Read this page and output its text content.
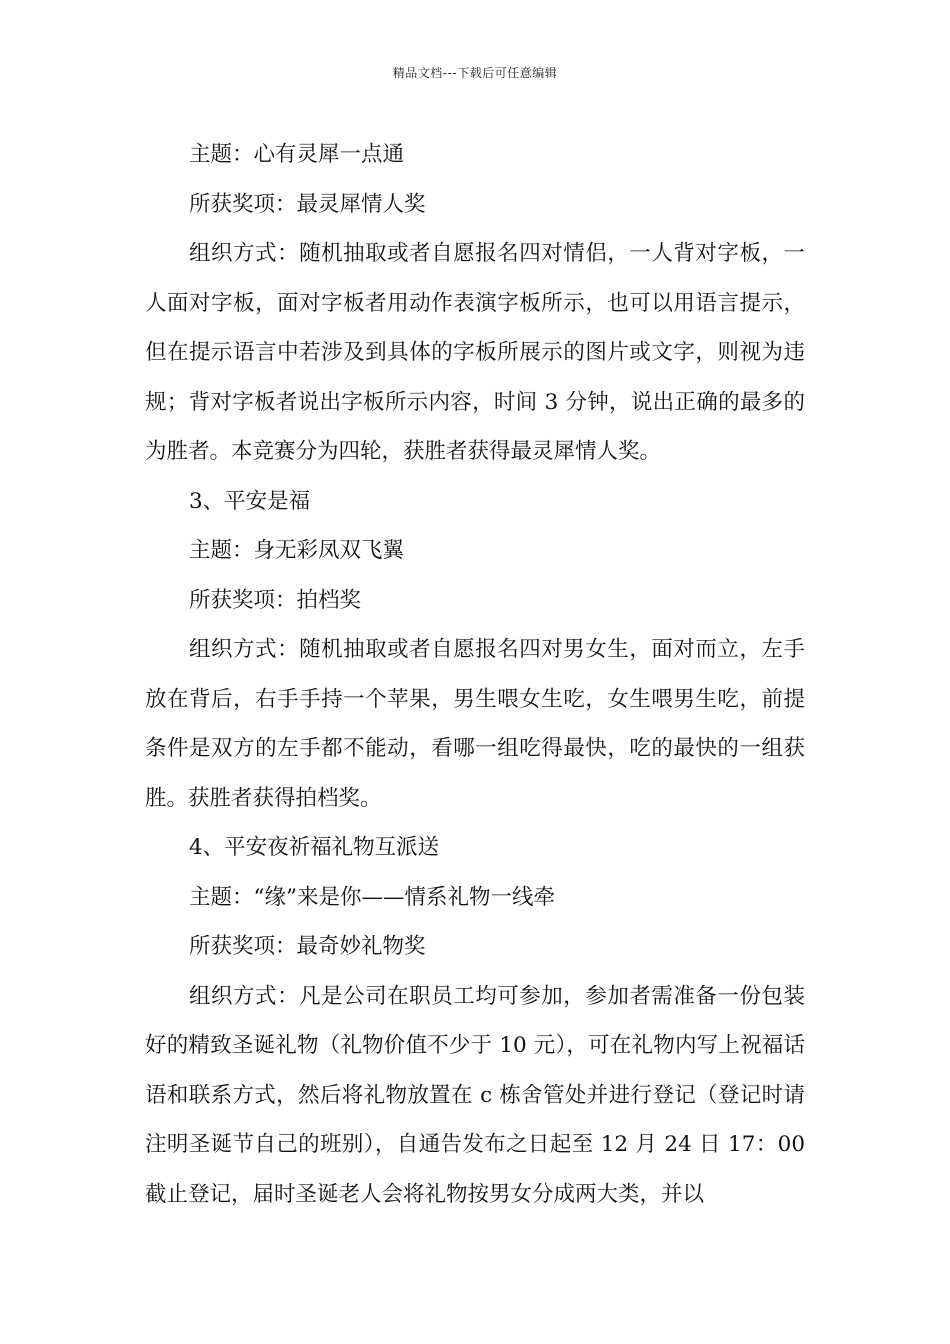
精品文档---下载后可任意编辑

主题：心有灵犀一点通

所获奖项：最灵犀情人奖

组织方式：随机抽取或者自愿报名四对情侣，一人背对字板，一人面对字板，面对字板者用动作表演字板所示，也可以用语言提示，但在提示语言中若涉及到具体的字板所展示的图片或文字，则视为违规；背对字板者说出字板所示内容，时间 3 分钟，说出正确的最多的为胜者。本竞赛分为四轮，获胜者获得最灵犀情人奖。

3、平安是福

主题：身无彩凤双飞翼

所获奖项：拍档奖

组织方式：随机抽取或者自愿报名四对男女生，面对而立，左手放在背后，右手手持一个苹果，男生喂女生吃，女生喂男生吃，前提条件是双方的左手都不能动，看哪一组吃得最快，吃的最快的一组获胜。获胜者获得拍档奖。

4、平安夜祈福礼物互派送

主题：“缘”来是你——情系礼物一线牵

所获奖项：最奇妙礼物奖

组织方式：凡是公司在职员工均可参加，参加者需准备一份包装好的精致圣诞礼物（礼物价值不少于 10 元），可在礼物内写上祝福话语和联系方式，然后将礼物放置在 c 栋舍管处并进行登记（登记时请注明圣诞节自己的班别），自通告发布之日起至 12 月 24 日 17：00 截止登记，届时圣诞老人会将礼物按男女分成两大类，并以
